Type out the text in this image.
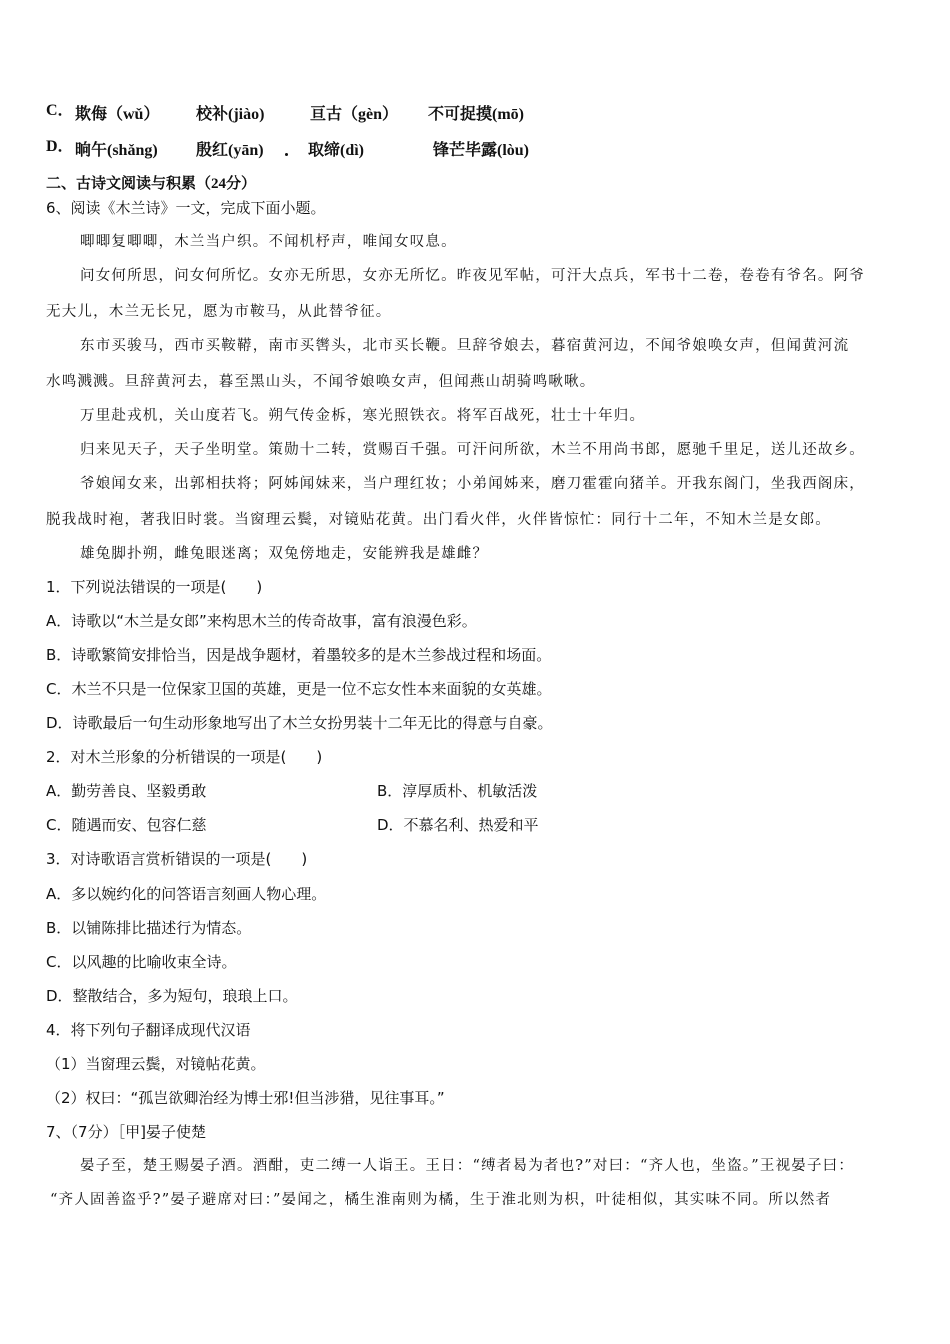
C． 欺侮（wǔ） 校补(jiào)	亘古（gèn） 不可捉摸(mō)
D． 晌午(shǎng) 殷红(yān)	取缔(dì)	锋芒毕露(lòu)
二、古诗文阅读与积累（24分）
6、阅读《木兰诗》一文，完成下面小题。
唧唧复唧唧，木兰当户织。不闻机杼声，唯闻女叹息。
问女何所思，问女何所忆。女亦无所思，女亦无所忆。昨夜见军帖，可汗大点兵，军书十二卷，卷卷有爷名。阿爷
无大儿，木兰无长兄，愿为市鞍马，从此替爷征。
东市买骏马，西市买鞍鞯，南市买辔头，北市买长鞭。旦辞爷娘去，暮宿黄河边，不闻爷娘唤女声，但闻黄河流
水鸣溅溅。旦辞黄河去，暮至黑山头，不闻爷娘唤女声，但闻燕山胡骑鸣啾啾。
万里赴戎机，关山度若飞。朔气传金柝，寒光照铁衣。将军百战死，壮士十年归。
归来见天子，天子坐明堂。策勋十二转，赏赐百千强。可汗问所欲，木兰不用尚书郎，愿驰千里足，送儿还故乡。
爷娘闻女来，出郭相扶将；阿姊闻妹来，当户理红妆；小弟闻姊来，磨刀霍霍向猪羊。开我东阁门，坐我西阁床，
脱我战时袍，著我旧时裳。当窗理云鬓，对镜贴花黄。出门看火伴，火伴皆惊忙：同行十二年，不知木兰是女郎。
雄兔脚扑朔，雌兔眼迷离；双兔傍地走，安能辨我是雄雌？
1．下列说法错误的一项是(　　)
A．诗歌以“木兰是女郎”来构思木兰的传奇故事，富有浪漫色彩。
B．诗歌繁简安排恰当，因是战争题材，着墨较多的是木兰参战过程和场面。
C．木兰不只是一位保家卫国的英雄，更是一位不忘女性本来面貌的女英雄。
D．诗歌最后一句生动形象地写出了木兰女扮男装十二年无比的得意与自豪。
2．对木兰形象的分析错误的一项是(　　)
A．勤劳善良、坚毅勇敢	B．淳厚质朴、机敏活泼
C．随遇而安、包容仁慈	D．不慕名利、热爱和平
3．对诗歌语言赏析错误的一项是(　　)
A．多以婉约化的问答语言刻画人物心理。
B．以铺陈排比描述行为情态。
C．以风趣的比喻收束全诗。
D．整散结合，多为短句，琅琅上口。
4．将下列句子翻译成现代汉语
（1）当窗理云鬓，对镜帖花黄。
（2）权曰：“孤岂欲卿治经为博士邪!但当涉猎，见往事耳。”
7、（7分）［甲]晏子使楚
晏子至，楚王赐晏子酒。酒酣，吏二缚一人诣王。王日：“缚者曷为者也?”对曰：“齐人也，坐盗。”王视晏子曰：
“齐人固善盗乎?”晏子避席对曰：”晏闻之，橘生淮南则为橘，生于淮北则为枳，叶徒相似，其实味不同。所以然者
